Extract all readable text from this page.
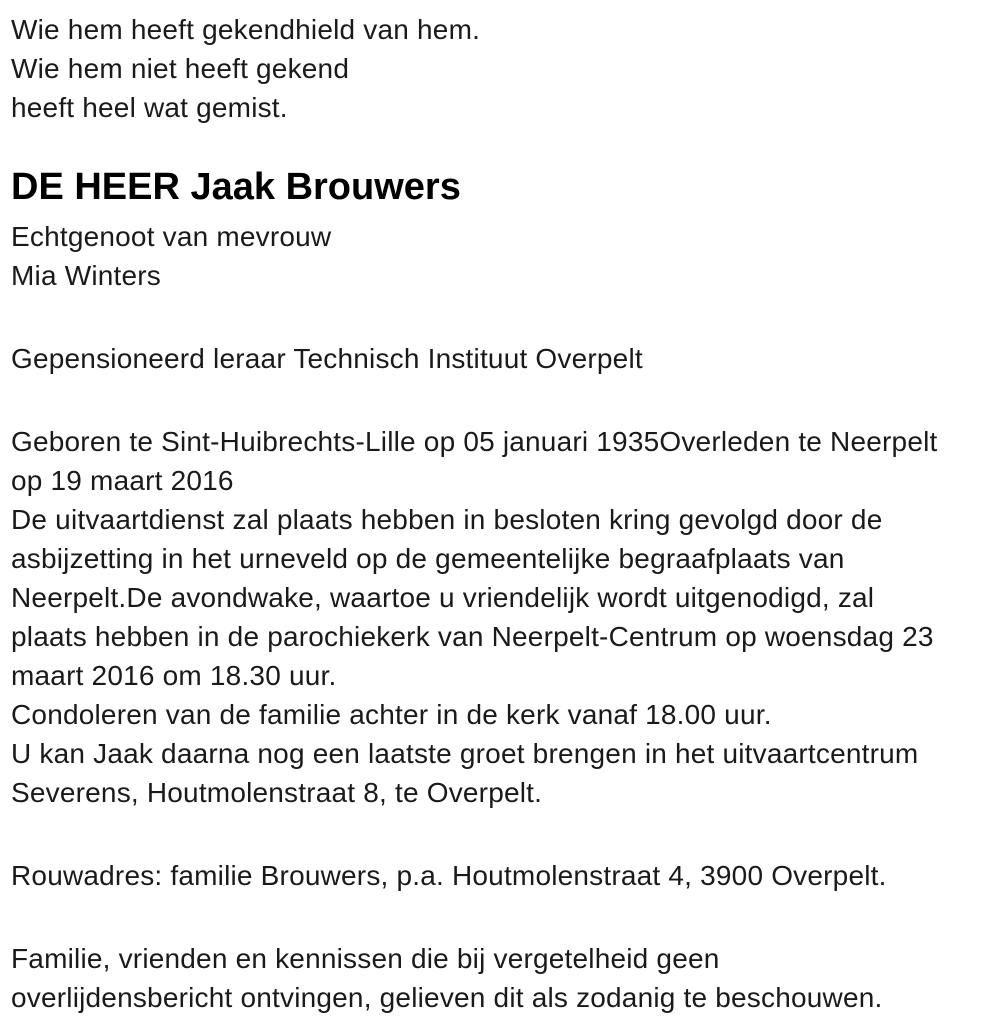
Wie hem heeft gekendhield van hem.
Wie hem niet heeft gekend
heeft heel wat gemist.
DE HEER Jaak Brouwers
Echtgenoot van mevrouw
Mia Winters
Gepensioneerd leraar Technisch Instituut Overpelt
Geboren te Sint-Huibrechts-Lille op 05 januari 1935Overleden te Neerpelt
op 19 maart 2016
De uitvaartdienst zal plaats hebben in besloten kring gevolgd door de
asbijzetting in het urneveld op de gemeentelijke begraafplaats van
Neerpelt.De avondwake, waartoe u vriendelijk wordt uitgenodigd, zal
plaats hebben in de parochiekerk van Neerpelt-Centrum op woensdag 23
maart 2016 om 18.30 uur.
Condoleren van de familie achter in de kerk vanaf 18.00 uur.
U kan Jaak daarna nog een laatste groet brengen in het uitvaartcentrum
Severens, Houtmolenstraat 8, te Overpelt.
Rouwadres: familie Brouwers, p.a. Houtmolenstraat 4, 3900 Overpelt.
Familie, vrienden en kennissen die bij vergetelheid geen
overlijdensbericht ontvingen, gelieven dit als zodanig te beschouwen.
